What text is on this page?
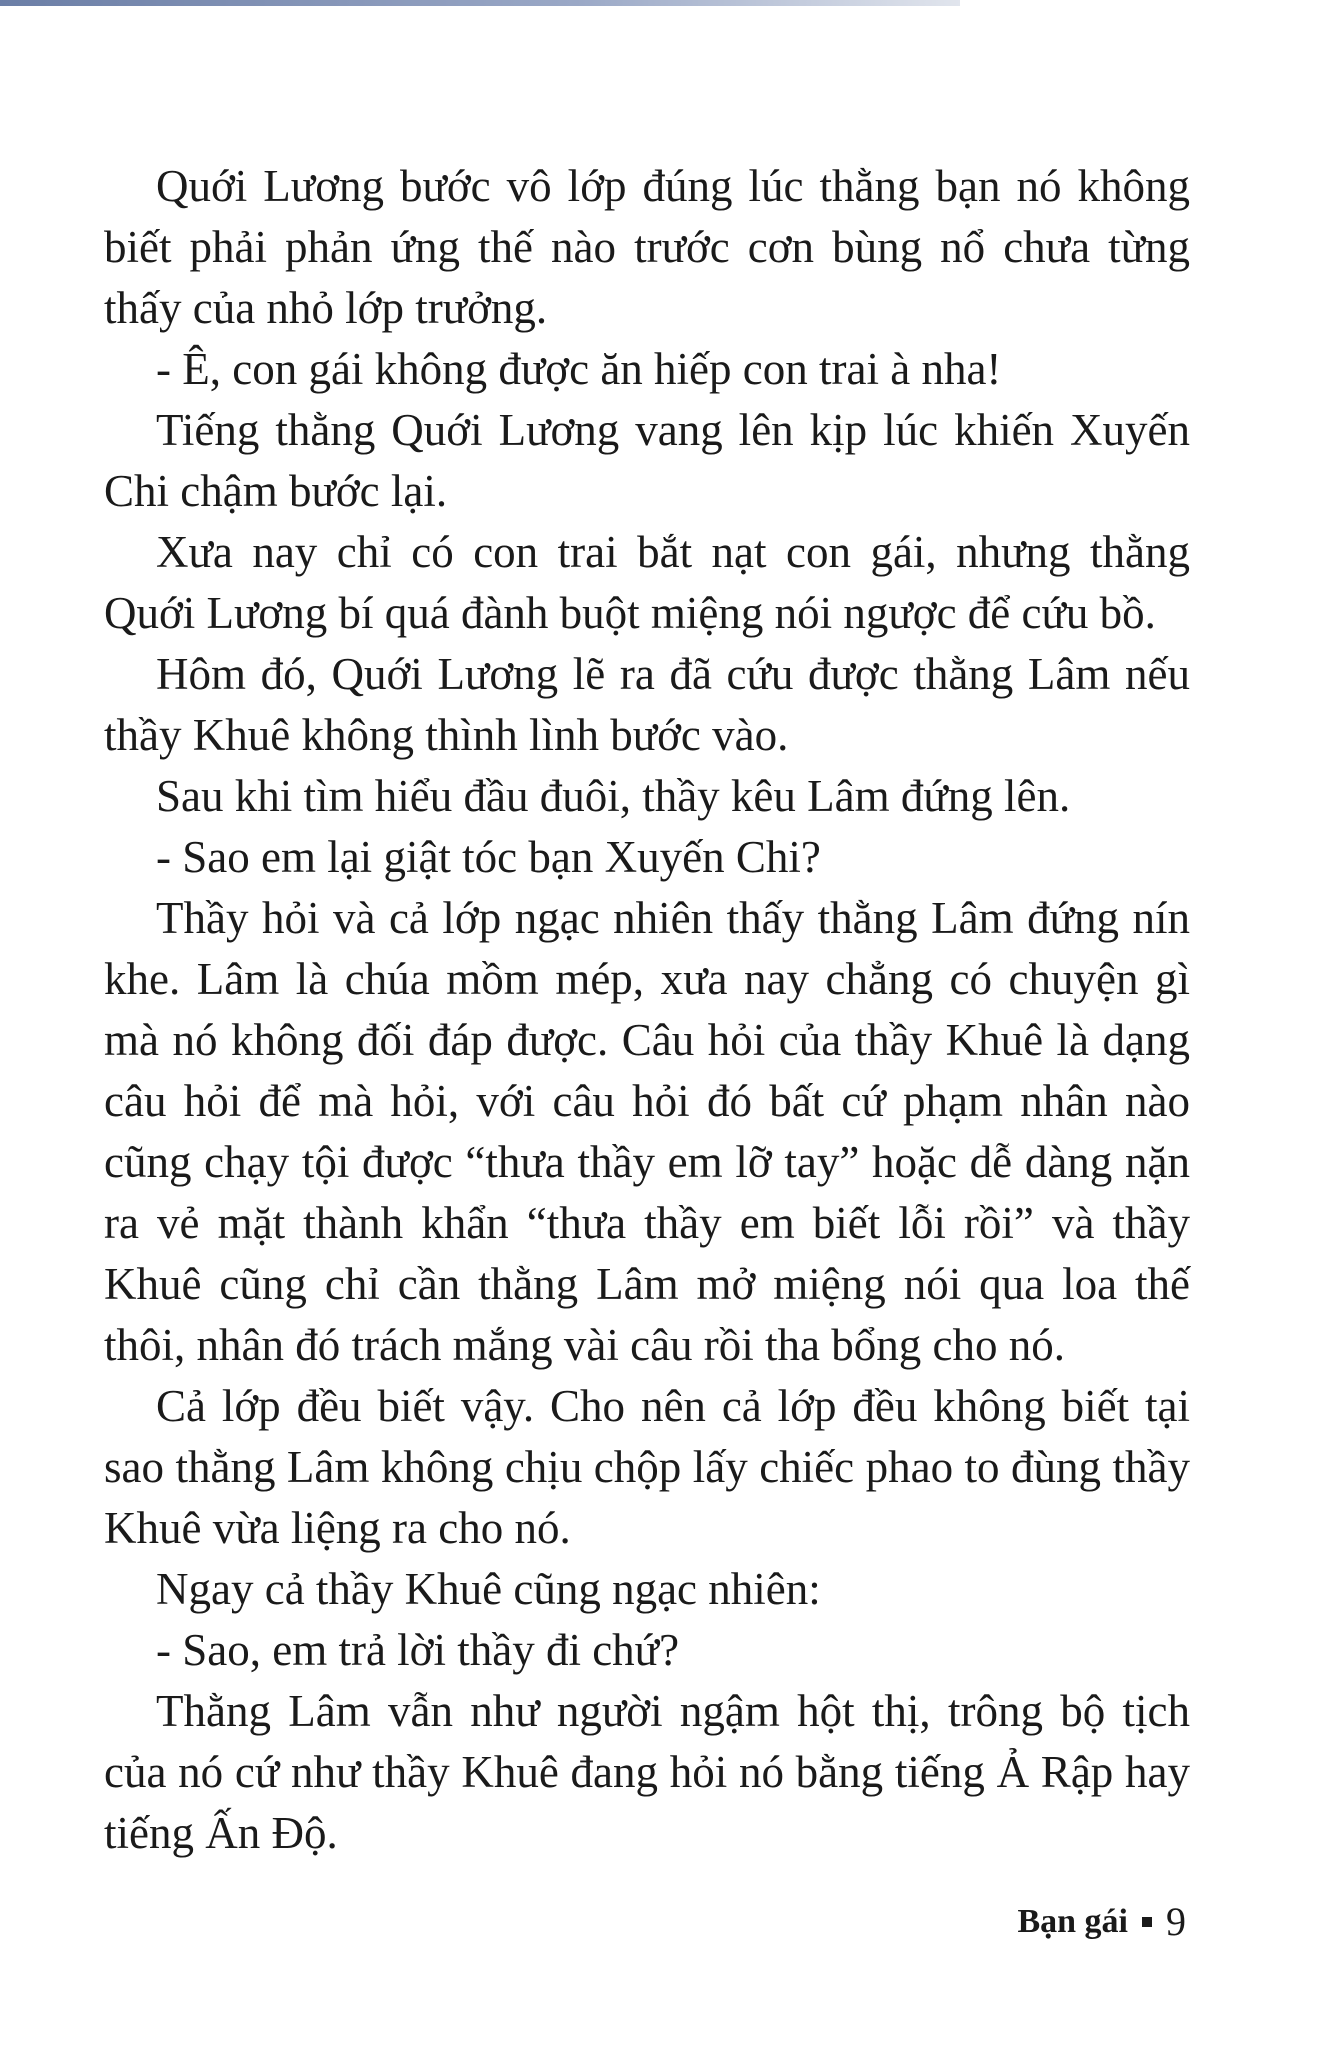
Quới Lương bước vô lớp đúng lúc thằng bạn nó không biết phải phản ứng thế nào trước cơn bùng nổ chưa từng thấy của nhỏ lớp trưởng.

- Ê, con gái không được ăn hiếp con trai à nha!

Tiếng thằng Quới Lương vang lên kịp lúc khiến Xuyến Chi chậm bước lại.

Xưa nay chỉ có con trai bắt nạt con gái, nhưng thằng Quới Lương bí quá đành buột miệng nói ngược để cứu bồ.

Hôm đó, Quới Lương lẽ ra đã cứu được thằng Lâm nếu thầy Khuê không thình lình bước vào.

Sau khi tìm hiểu đầu đuôi, thầy kêu Lâm đứng lên.

- Sao em lại giật tóc bạn Xuyến Chi?

Thầy hỏi và cả lớp ngạc nhiên thấy thằng Lâm đứng nín khe. Lâm là chúa mồm mép, xưa nay chẳng có chuyện gì mà nó không đối đáp được. Câu hỏi của thầy Khuê là dạng câu hỏi để mà hỏi, với câu hỏi đó bất cứ phạm nhân nào cũng chạy tội được “thưa thầy em lỡ tay” hoặc dễ dàng nặn ra vẻ mặt thành khẩn “thưa thầy em biết lỗi rồi” và thầy Khuê cũng chỉ cần thằng Lâm mở miệng nói qua loa thế thôi, nhân đó trách mắng vài câu rồi tha bổng cho nó.

Cả lớp đều biết vậy. Cho nên cả lớp đều không biết tại sao thằng Lâm không chịu chộp lấy chiếc phao to đùng thầy Khuê vừa liệng ra cho nó.

Ngay cả thầy Khuê cũng ngạc nhiên:

- Sao, em trả lời thầy đi chứ?

Thằng Lâm vẫn như người ngậm hột thị, trông bộ tịch của nó cứ như thầy Khuê đang hỏi nó bằng tiếng Ả Rập hay tiếng Ấn Độ.

Bạn gái 9
